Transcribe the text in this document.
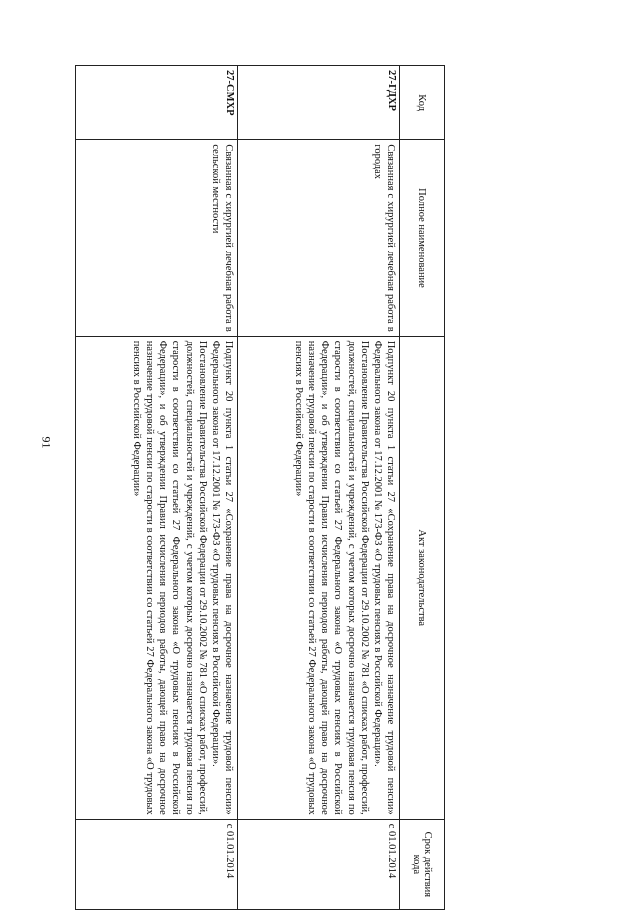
91
Код	Полное наименование	Акт законодательства	Срок действия кода
27-ГДХР	Связанная с хирургией лечебная работа в городах	Подпункт 20 пункта 1 статьи 27 «Сохранение права на досрочное назначение трудовой пенсии» Федерального закона от 17.12.2001 № 173-ФЗ «О трудовых пенсиях в Российской Федерации».

Постановление Правительства Российской Федерации от 29.10.2002 № 781 «О списках работ, профессий, должностей, специальностей и учреждений, с учетом которых досрочно назначается трудовая пенсия по старости в соответствии со статьей 27 Федерального закона «О трудовых пенсиях в Российской Федерации», и об утверждении Правил исчисления периодов работы, дающей право на досрочное назначение трудовой пенсии по старости в соответствии со статьей 27 Федерального закона «О трудовых пенсиях в Российской Федерации»	с 01.01.2014
27-СМХР	Связанная с хирургией лечебная работа в сельской местности	Подпункт 20 пункта 1 статьи 27 «Сохранение права на досрочное назначение трудовой пенсии» Федерального закона от 17.12.2001 № 173-ФЗ «О трудовых пенсиях в Российской Федерации».

Постановление Правительства Российской Федерации от 29.10.2002 № 781 «О списках работ, профессий, должностей, специальностей и учреждений, с учетом которых досрочно назначается трудовая пенсия по старости в соответствии со статьей 27 Федерального закона «О трудовых пенсиях в Российской Федерации», и об утверждении Правил исчисления периодов работы, дающей право на досрочное назначение трудовой пенсии по старости в соответствии со статьей 27 Федерального закона «О трудовых пенсиях в Российской Федерации»	с 01.01.2014
